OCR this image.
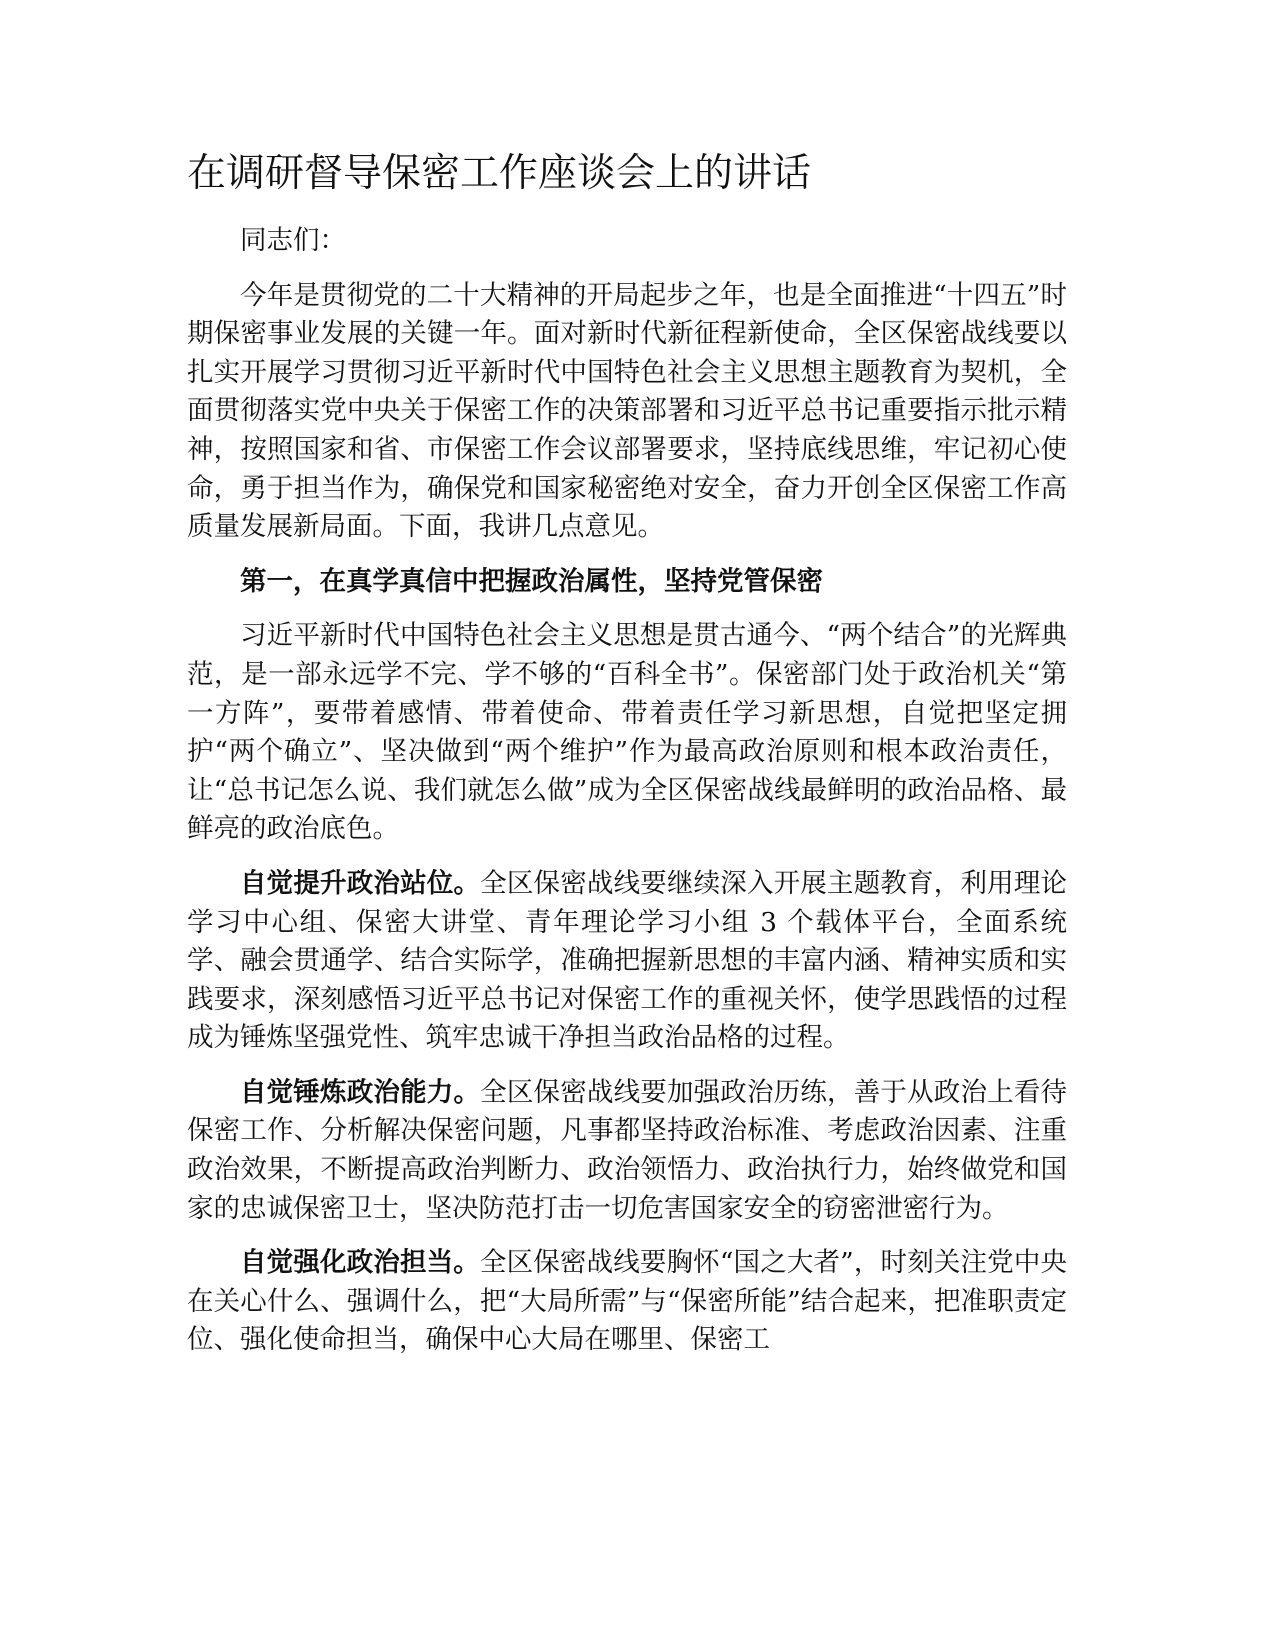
在调研督导保密工作座谈会上的讲话

同志们：

今年是贯彻党的二十大精神的开局起步之年，也是全面推进“十四五”时期保密事业发展的关键一年。面对新时代新征程新使命，全区保密战线要以扎实开展学习贯彻习近平新时代中国特色社会主义思想主题教育为契机，全面贯彻落实党中央关于保密工作的决策部署和习近平总书记重要指示批示精神，按照国家和省、市保密工作会议部署要求，坚持底线思维，牢记初心使命，勇于担当作为，确保党和国家秘密绝对安全，奋力开创全区保密工作高质量发展新局面。下面，我讲几点意见。

第一，在真学真信中把握政治属性，坚持党管保密

习近平新时代中国特色社会主义思想是贯古通今、“两个结合”的光辉典范，是一部永远学不完、学不够的“百科全书”。保密部门处于政治机关“第一方阵”，要带着感情、带着使命、带着责任学习新思想，自觉把坚定拥护“两个确立”、坚决做到“两个维护”作为最高政治原则和根本政治责任，让“总书记怎么说、我们就怎么做”成为全区保密战线最鲜明的政治品格、最鲜亮的政治底色。

自觉提升政治站位。全区保密战线要继续深入开展主题教育，利用理论学习中心组、保密大讲堂、青年理论学习小组 3 个载体平台，全面系统学、融会贯通学、结合实际学，准确把握新思想的丰富内涵、精神实质和实践要求，深刻感悟习近平总书记对保密工作的重视关怀，使学思践悟的过程成为锤炼坚强党性、筑牢忠诚干净担当政治品格的过程。

自觉锤炼政治能力。全区保密战线要加强政治历练，善于从政治上看待保密工作、分析解决保密问题，凡事都坚持政治标准、考虑政治因素、注重政治效果，不断提高政治判断力、政治领悟力、政治执行力，始终做党和国家的忠诚保密卫士，坚决防范打击一切危害国家安全的窃密泄密行为。

自觉强化政治担当。全区保密战线要胸怀“国之大者”，时刻关注党中央在关心什么、强调什么，把“大局所需”与“保密所能”结合起来，把准职责定位、强化使命担当，确保中心大局在哪里、保密工
